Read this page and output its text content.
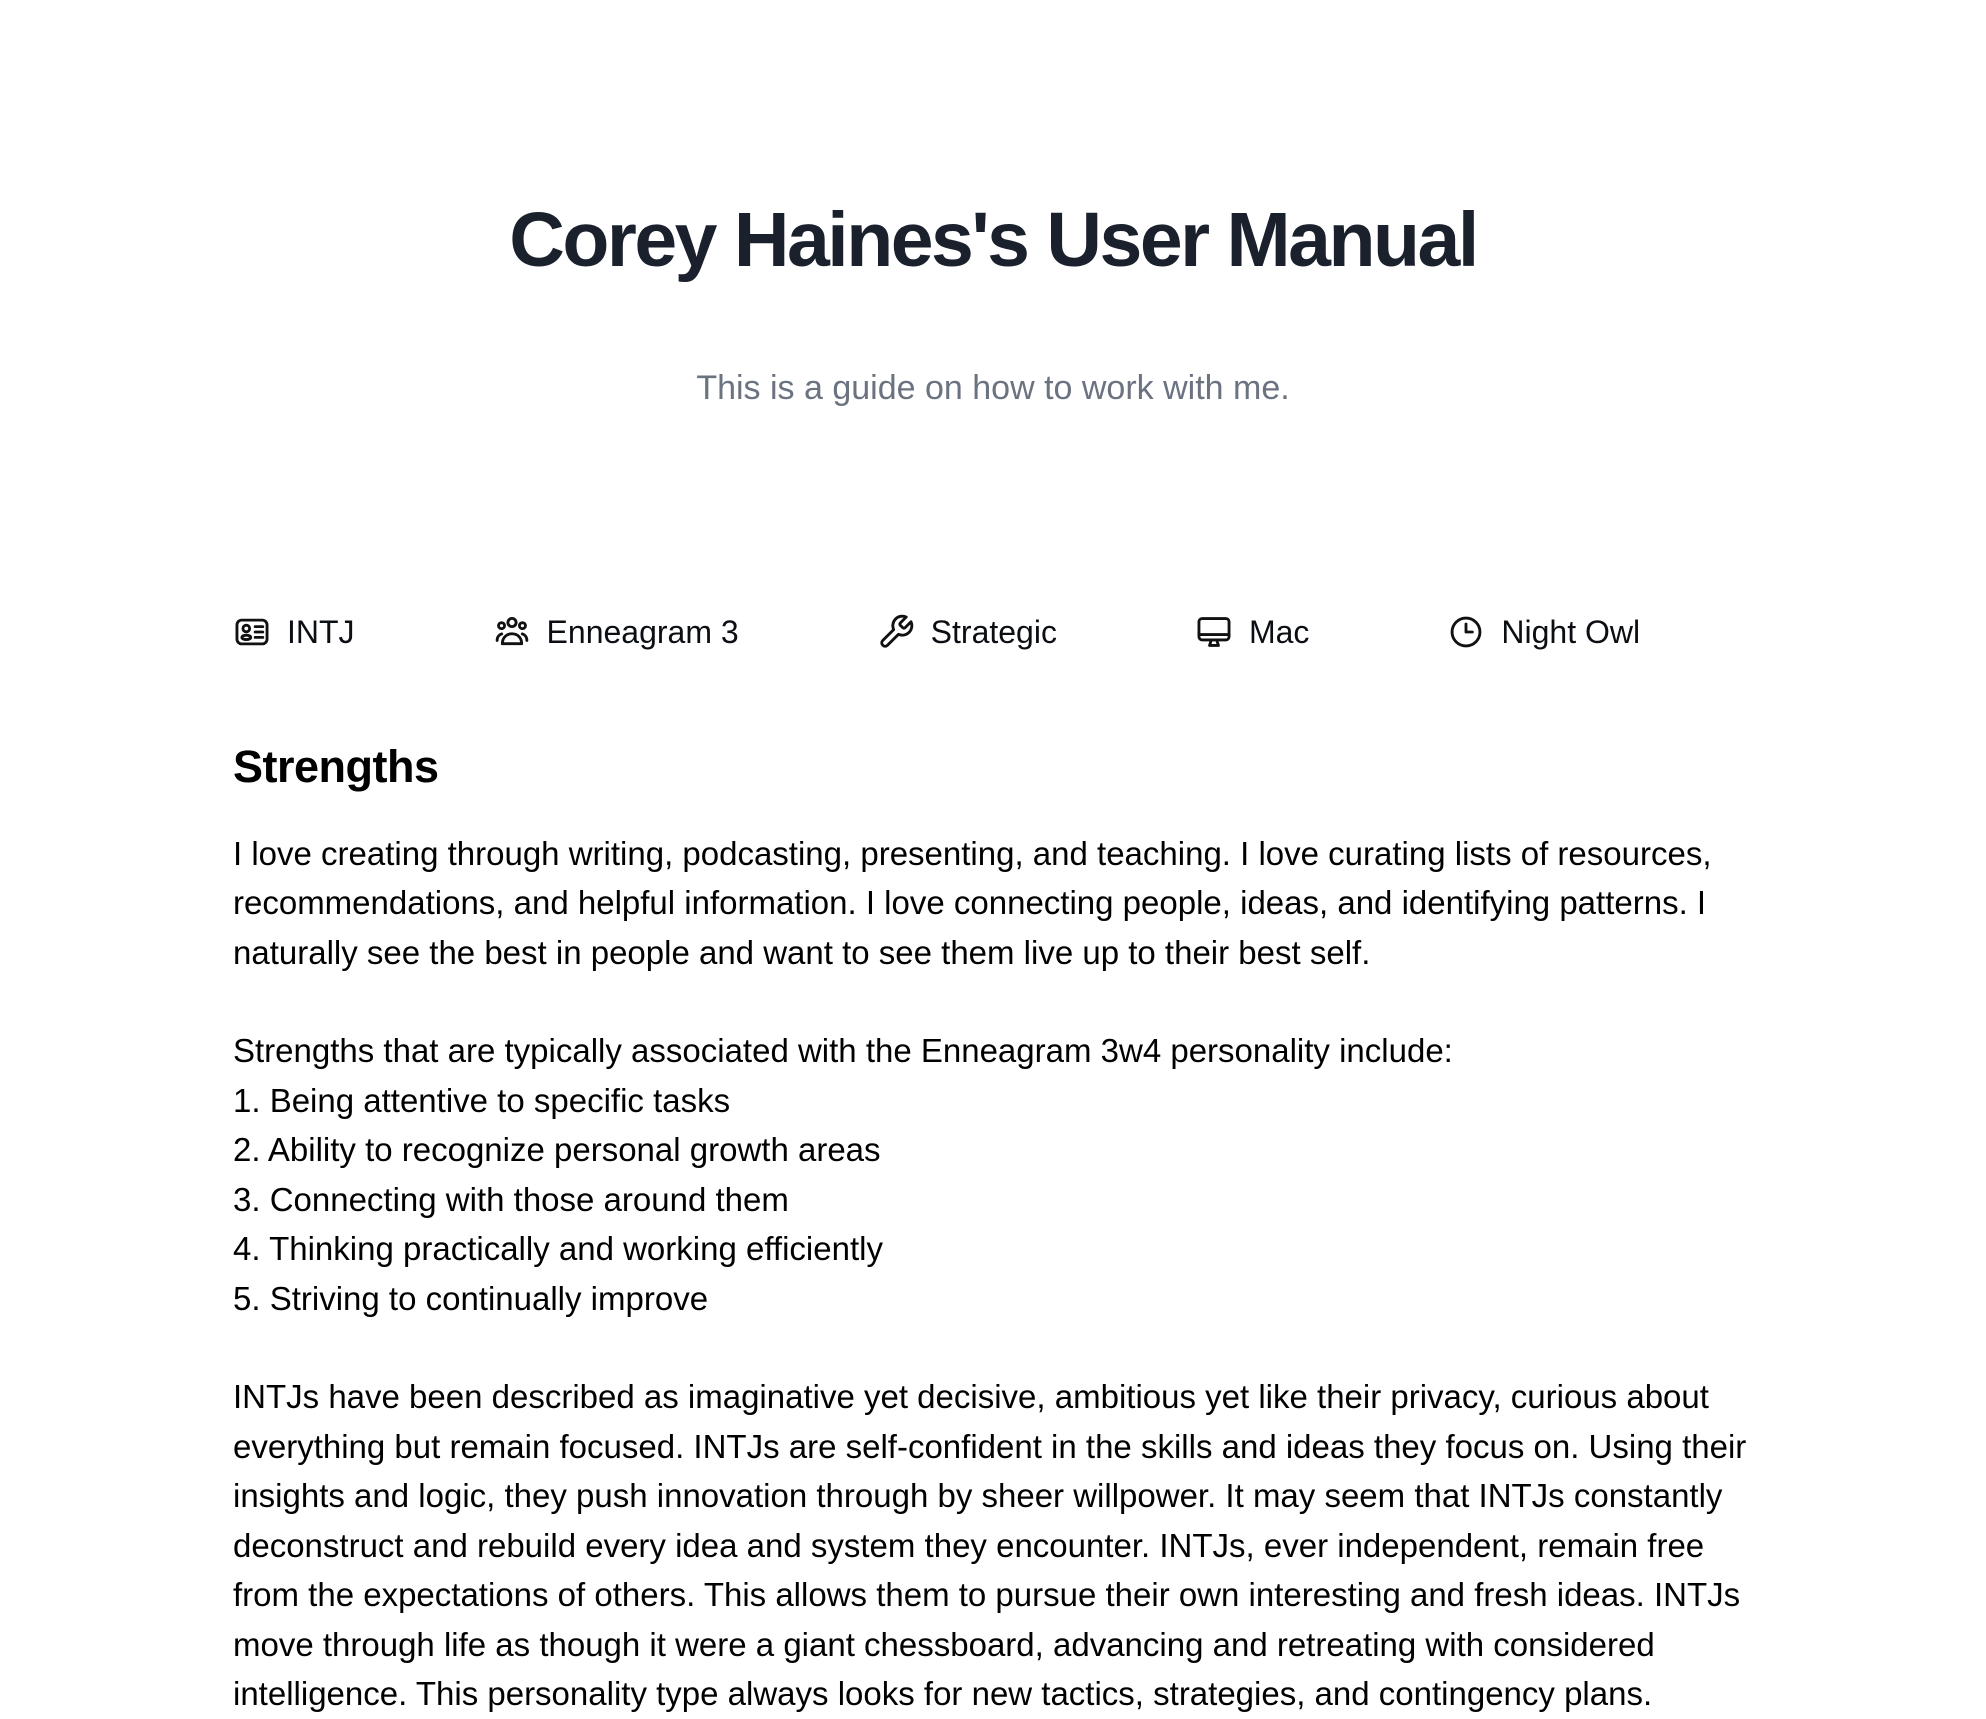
Corey Haines's User Manual

This is a guide on how to work with me.

INTJ	Enneagram 3	Strategic	Mac	Night Owl
Strengths

I love creating through writing, podcasting, presenting, and teaching. I love curating lists of resources, recommendations, and helpful information. I love connecting people, ideas, and identifying patterns. I naturally see the best in people and want to see them live up to their best self.

Strengths that are typically associated with the Enneagram 3w4 personality include:
1. Being attentive to specific tasks
2. Ability to recognize personal growth areas
3. Connecting with those around them
4. Thinking practically and working efficiently
5. Striving to continually improve

INTJs have been described as imaginative yet decisive, ambitious yet like their privacy, curious about everything but remain focused. INTJs are self-confident in the skills and ideas they focus on. Using their insights and logic, they push innovation through by sheer willpower. It may seem that INTJs constantly deconstruct and rebuild every idea and system they encounter. INTJs, ever independent, remain free from the expectations of others. This allows them to pursue their own interesting and fresh ideas. INTJs move through life as though it were a giant chessboard, advancing and retreating with considered intelligence. This personality type always looks for new tactics, strategies, and contingency plans.
